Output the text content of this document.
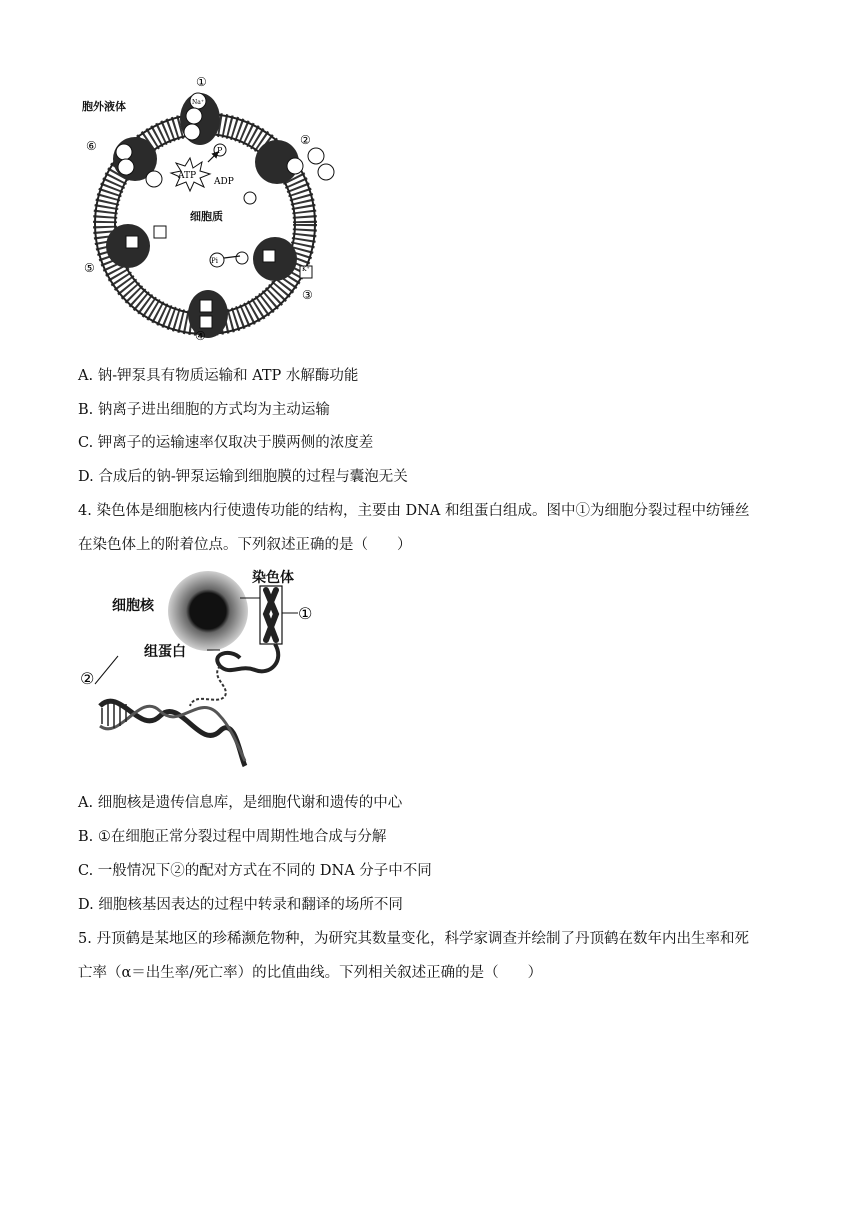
胞外液体
细胞质
ATP
ADP
P
Pi
Na⁺
K⁺
①
②
③
④
⑤
⑥
A. 钠-钾泵具有物质运输和 ATP 水解酶功能
B. 钠离子进出细胞的方式均为主动运输
C. 钾离子的运输速率仅取决于膜两侧的浓度差
D. 合成后的钠-钾泵运输到细胞膜的过程与囊泡无关
4. 染色体是细胞核内行使遗传功能的结构，主要由 DNA 和组蛋白组成。图中①为细胞分裂过程中纺锤丝
在染色体上的附着位点。下列叙述正确的是（　　）
细胞核
染色体
组蛋白
①
②
A. 细胞核是遗传信息库，是细胞代谢和遗传的中心
B. ①在细胞正常分裂过程中周期性地合成与分解
C. 一般情况下②的配对方式在不同的 DNA 分子中不同
D. 细胞核基因表达的过程中转录和翻译的场所不同
5. 丹顶鹤是某地区的珍稀濒危物种，为研究其数量变化，科学家调查并绘制了丹顶鹤在数年内出生率和死
亡率（α＝出生率/死亡率）的比值曲线。下列相关叙述正确的是（　　）
